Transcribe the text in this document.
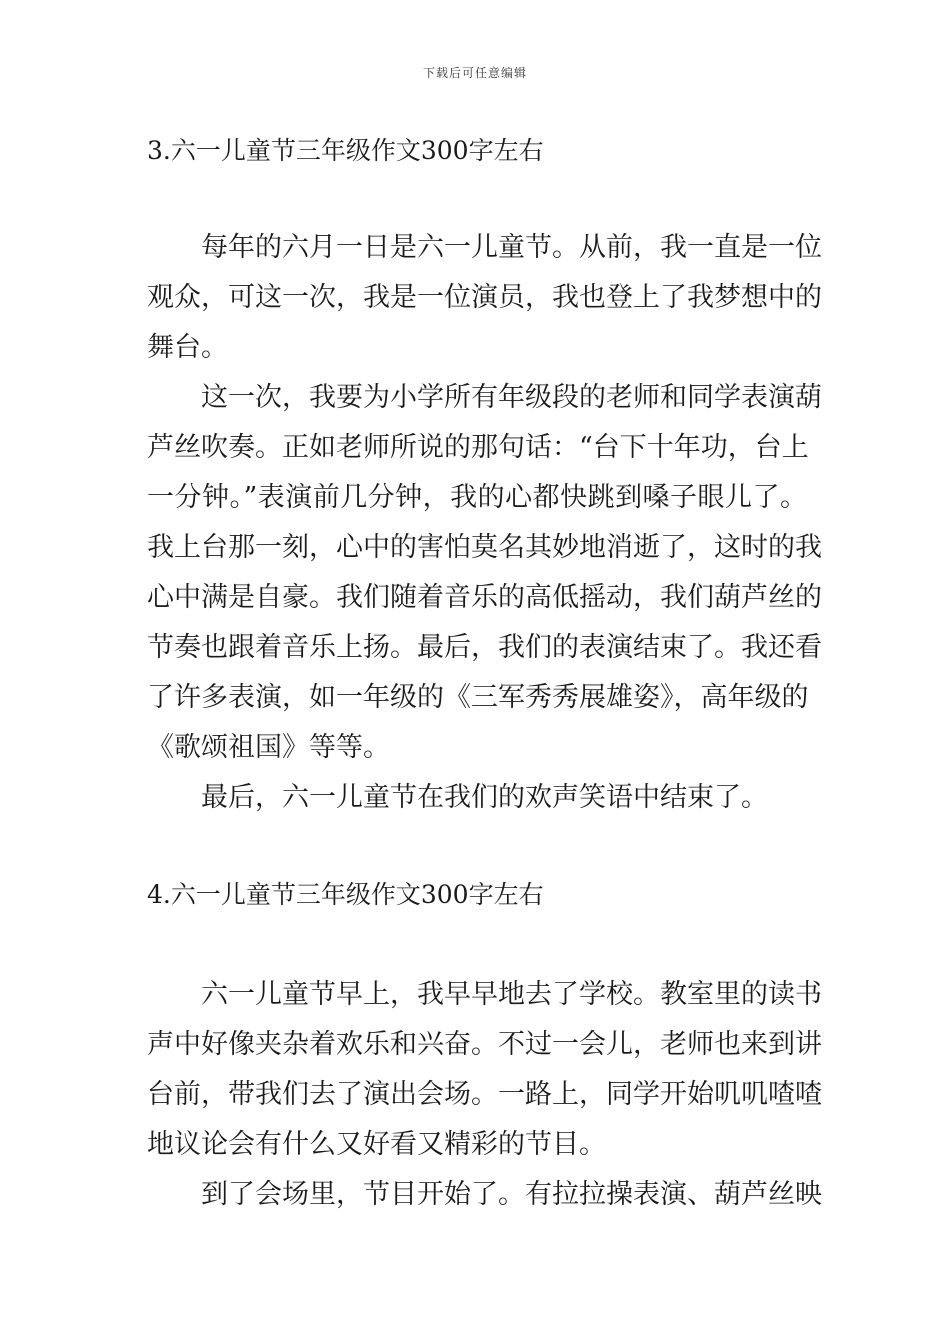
下载后可任意编辑
3.六一儿童节三年级作文300字左右
每年的六月一日是六一儿童节。从前，我一直是一位
观众，可这一次，我是一位演员，我也登上了我梦想中的
舞台。
这一次，我要为小学所有年级段的老师和同学表演葫
芦丝吹奏。正如老师所说的那句话：“台下十年功，台上
一分钟。”表演前几分钟，我的心都快跳到嗓子眼儿了。
我上台那一刻，心中的害怕莫名其妙地消逝了，这时的我
心中满是自豪。我们随着音乐的高低摇动，我们葫芦丝的
节奏也跟着音乐上扬。最后，我们的表演结束了。我还看
了许多表演，如一年级的《三军秀秀展雄姿》，高年级的
《歌颂祖国》等等。
最后，六一儿童节在我们的欢声笑语中结束了。
4.六一儿童节三年级作文300字左右
六一儿童节早上，我早早地去了学校。教室里的读书
声中好像夹杂着欢乐和兴奋。不过一会儿，老师也来到讲
台前，带我们去了演出会场。一路上，同学开始叽叽喳喳
地议论会有什么又好看又精彩的节目。
到了会场里，节目开始了。有拉拉操表演、葫芦丝映
